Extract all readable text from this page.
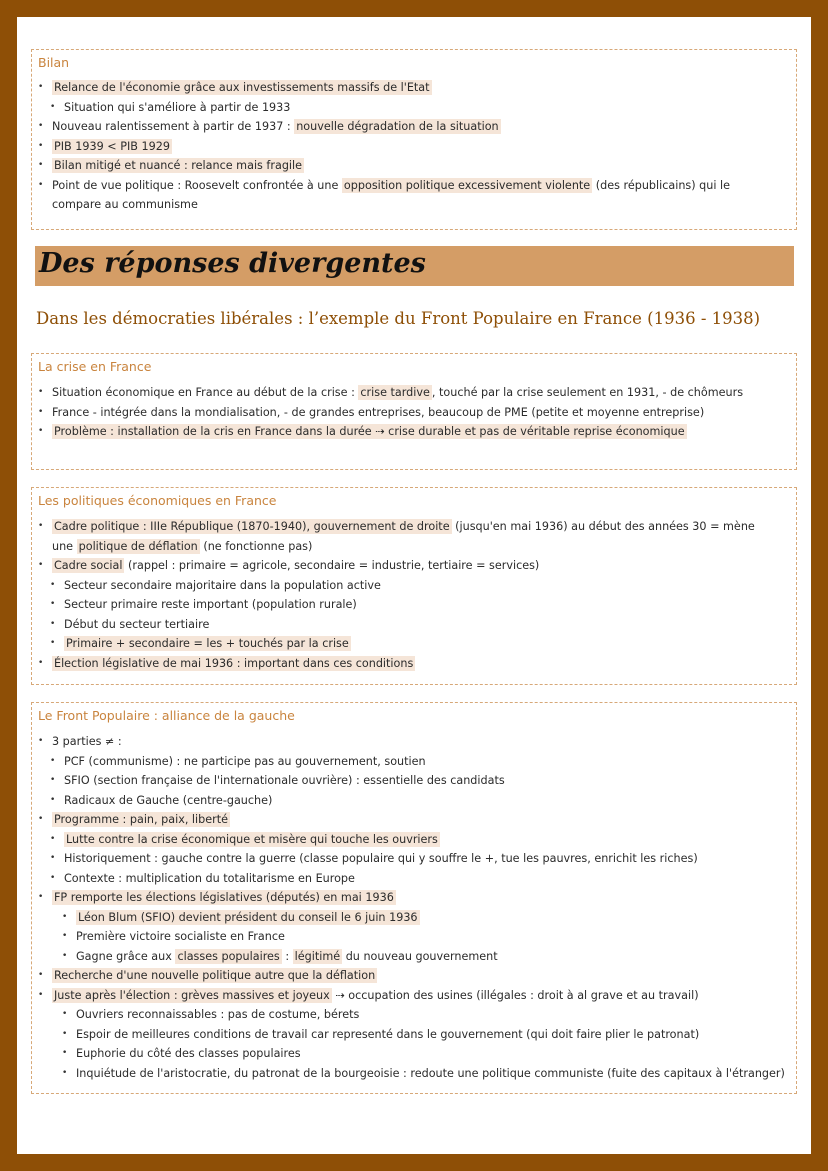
Bilan
• Relance de l'économie grâce aux investissements massifs de l'Etat
• Situation qui s'améliore à partir de 1933
• Nouveau ralentissement à partir de 1937 : nouvelle dégradation de la situation
• PIB 1939 < PIB 1929
• Bilan mitigé et nuancé : relance mais fragile
• Point de vue politique : Roosevelt confrontée à une opposition politique excessivement violente (des républicains) qui le compare au communisme
Des réponses divergentes
Dans les démocraties libérales : l’exemple du Front Populaire en France (1936 - 1938)
La crise en France
• Situation économique en France au début de la crise : crise tardive , touché par la crise seulement en 1931, - de chômeurs
• France - intégrée dans la mondialisation, - de grandes entreprises, beaucoup de PME (petite et moyenne entreprise)
• Problème : installation de la cris en France dans la durée ⇢ crise durable et pas de véritable reprise économique
Les politiques économiques en France
• Cadre politique : IIIe République (1870-1940), gouvernement de droite (jusqu'en mai 1936) au début des années 30 = mène une politique de déflation (ne fonctionne pas)
• Cadre social (rappel : primaire = agricole, secondaire = industrie, tertiaire = services)
• Secteur secondaire majoritaire dans la population active
• Secteur primaire reste important (population rurale)
• Début du secteur tertiaire
• Primaire + secondaire = les + touchés par la crise
• Élection législative de mai 1936 : important dans ces conditions
Le Front Populaire : alliance de la gauche
• 3 parties ≠ :
• PCF (communisme) : ne participe pas au gouvernement, soutien
• SFIO (section française de l'internationale ouvrière) : essentielle des candidats
• Radicaux de Gauche (centre-gauche)
• Programme : pain, paix, liberté
• Lutte contre la crise économique et misère qui touche les ouvriers
• Historiquement : gauche contre la guerre (classe populaire qui y souffre le +, tue les pauvres, enrichit les riches)
• Contexte : multiplication du totalitarisme en Europe
• FP remporte les élections législatives (députés) en mai 1936
• Léon Blum (SFIO) devient président du conseil le 6 juin 1936
• Première victoire socialiste en France
• Gagne grâce aux classes populaires : légitimé du nouveau gouvernement
• Recherche d'une nouvelle politique autre que la déflation
• Juste après l'élection : grèves massives et joyeux ⇢ occupation des usines (illégales : droit à al grave et au travail)
• Ouvriers reconnaissables : pas de costume, bérets
• Espoir de meilleures conditions de travail car representé dans le gouvernement (qui doit faire plier le patronat)
• Euphorie du côté des classes populaires
• Inquiétude de l'aristocratie, du patronat de la bourgeoisie : redoute une politique communiste (fuite des capitaux à l'étranger)
